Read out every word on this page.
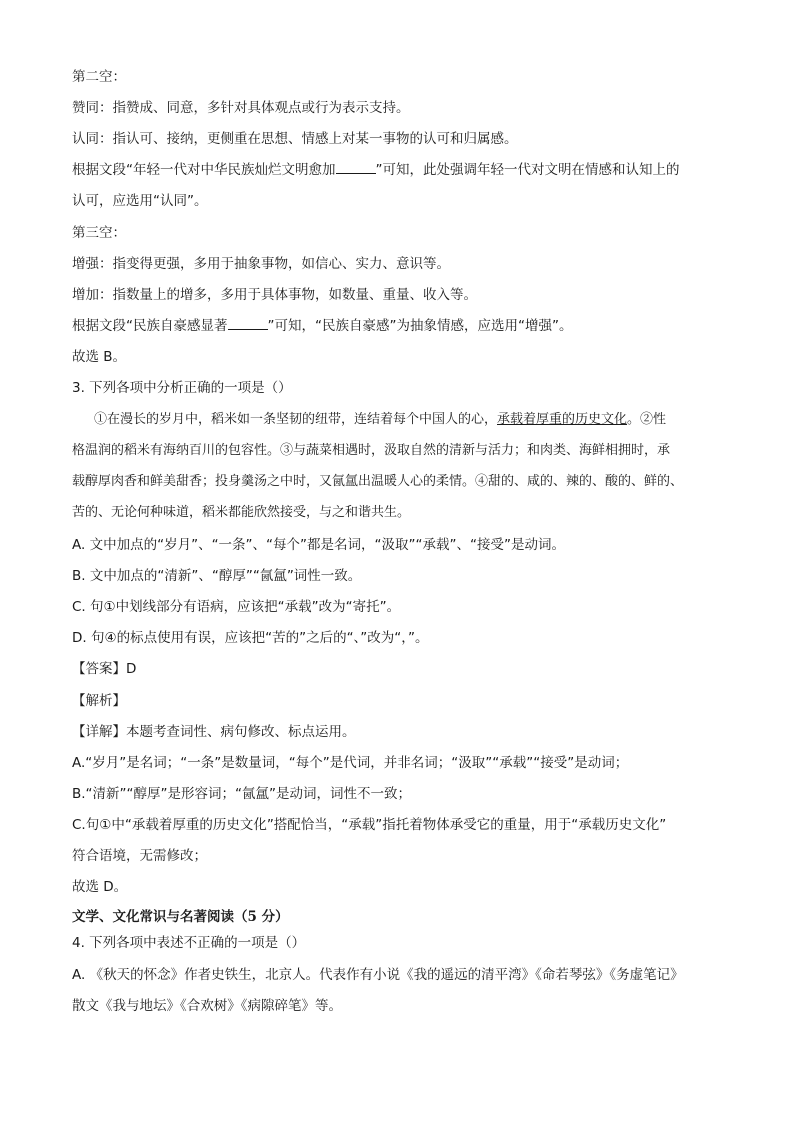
第二空：
赞同：指赞成、同意，多针对具体观点或行为表示支持。
认同：指认可、接纳，更侧重在思想、情感上对某一事物的认可和归属感。
根据文段“年轻一代对中华民族灿烂文明愈加	”可知，此处强调年轻一代对文明在情感和认知上的
认可，应选用“认同”。
第三空：
增强：指变得更强，多用于抽象事物，如信心、实力、意识等。
增加：指数量上的增多，多用于具体事物，如数量、重量、收入等。
根据文段“民族自豪感显著	”可知，“民族自豪感”为抽象情感，应选用“增强”。
故选 B。
3. 下列各项中分析正确的一项是（）
①在漫长的岁月中，稻米如一条坚韧的纽带，连结着每个中国人的心，承载着厚重的历史文化。②性
格温润的稻米有海纳百川的包容性。③与蔬菜相遇时，汲取自然的清新与活力；和肉类、海鲜相拥时，承
载醇厚肉香和鲜美甜香；投身羹汤之中时，又氤氲出温暖人心的柔情。④甜的、咸的、辣的、酸的、鲜的、
苦的、无论何种味道，稻米都能欣然接受，与之和谐共生。
A. 文中加点的“岁月”、“一条”、“每个”都是名词，“汲取”“承载”、“接受”是动词。
B. 文中加点的“清新”、“醇厚”“氤氲”词性一致。
C. 句①中划线部分有语病，应该把“承载”改为“寄托”。
D. 句④的标点使用有误，应该把“苦的”之后的“、”改为“，”。
【答案】D
【解析】
【详解】本题考查词性、病句修改、标点运用。
A.“岁月”是名词；“一条”是数量词，“每个”是代词，并非名词；“汲取”“承载”“接受”是动词；
B.“清新”“醇厚”是形容词；“氤氲”是动词，词性不一致；
C.句①中“承载着厚重的历史文化”搭配恰当，“承载”指托着物体承受它的重量，用于“承载历史文化”
符合语境，无需修改；
故选 D。
文学、文化常识与名著阅读（5 分）
4. 下列各项中表述不正确的一项是（）
A. 《秋天的怀念》作者史铁生，北京人。代表作有小说《我的遥远的清平湾》《命若琴弦》《务虚笔记》
散文《我与地坛》《合欢树》《病隙碎笔》等。
